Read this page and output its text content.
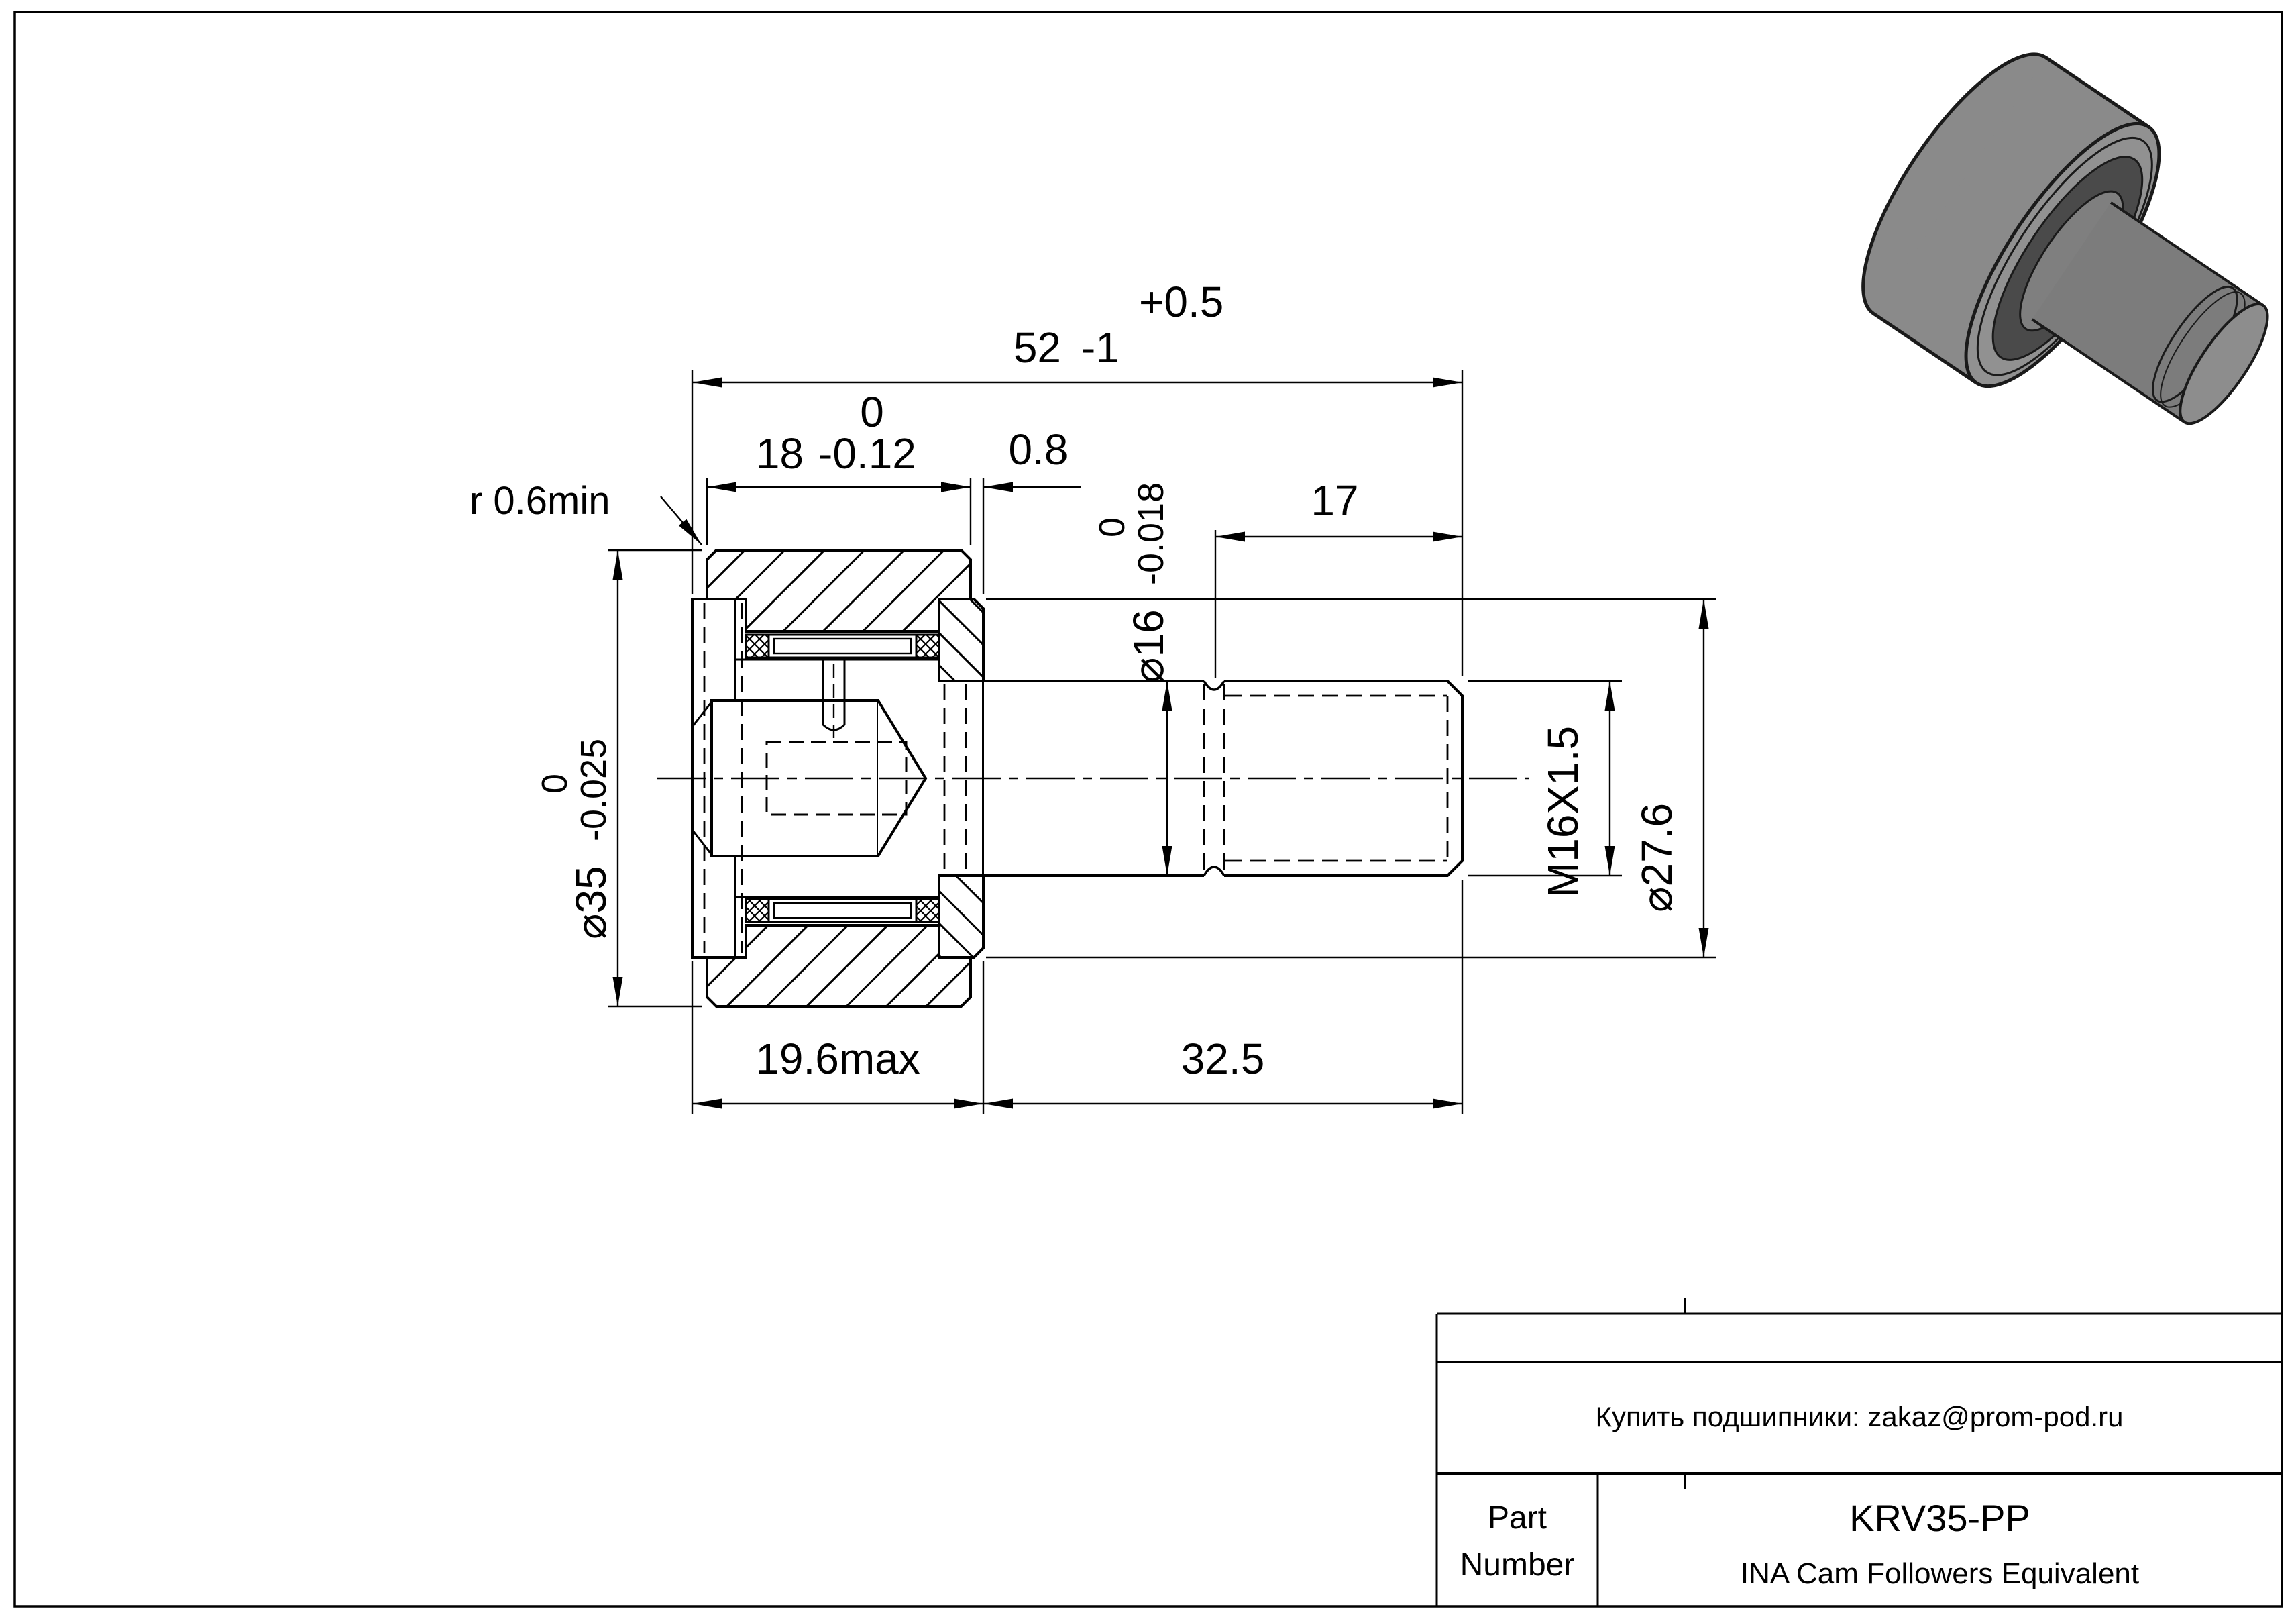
52 -1
+0.5
18 -0.12
0
0.8
17
19.6max	32.5
r 0.6min
⌀35
-0.025
0
⌀16
-0.018
0
M16X1.5 ⌀27.6
Купить подшипники: zakaz@prom-pod.ru
Part
Number
KRV35-PP
INA Cam Followers Equivalent
